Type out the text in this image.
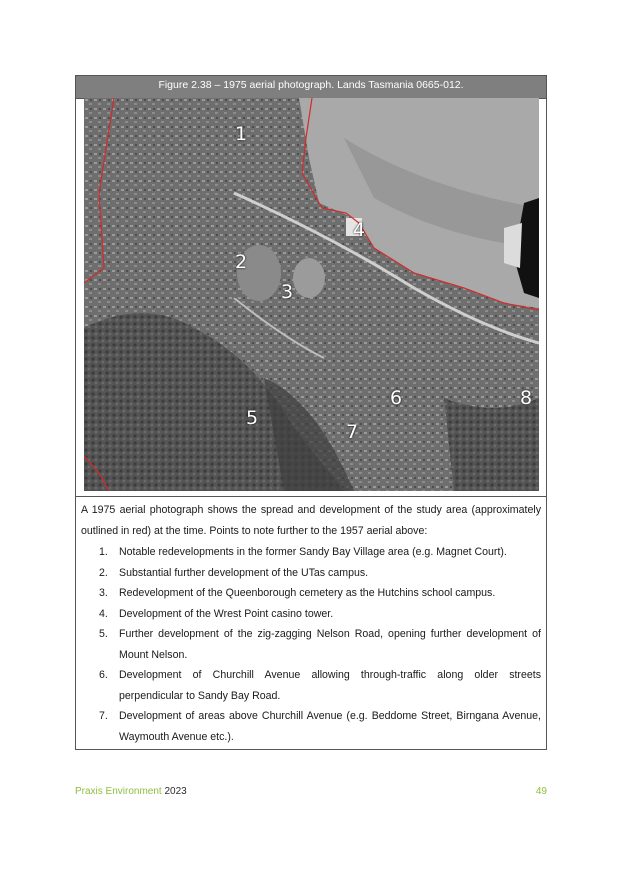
Figure 2.38 – 1975 aerial photograph. Lands Tasmania 0665-012.
1
2
3
4
5
6
7
8

A 1975 aerial photograph shows the spread and development of the study area (approximately outlined in red) at the time. Points to note further to the 1957 aerial above:

1. Notable redevelopments in the former Sandy Bay Village area (e.g. Magnet Court).
2. Substantial further development of the UTas campus.
3. Redevelopment of the Queenborough cemetery as the Hutchins school campus.
4. Development of the Wrest Point casino tower.
5. Further development of the zig-zagging Nelson Road, opening further development of Mount Nelson.
6. Development of Churchill Avenue allowing through-traffic along older streets perpendicular to Sandy Bay Road.
7. Development of areas above Churchill Avenue (e.g. Beddome Street, Birngana Avenue, Waymouth Avenue etc.).
Praxis Environment 2023	49
